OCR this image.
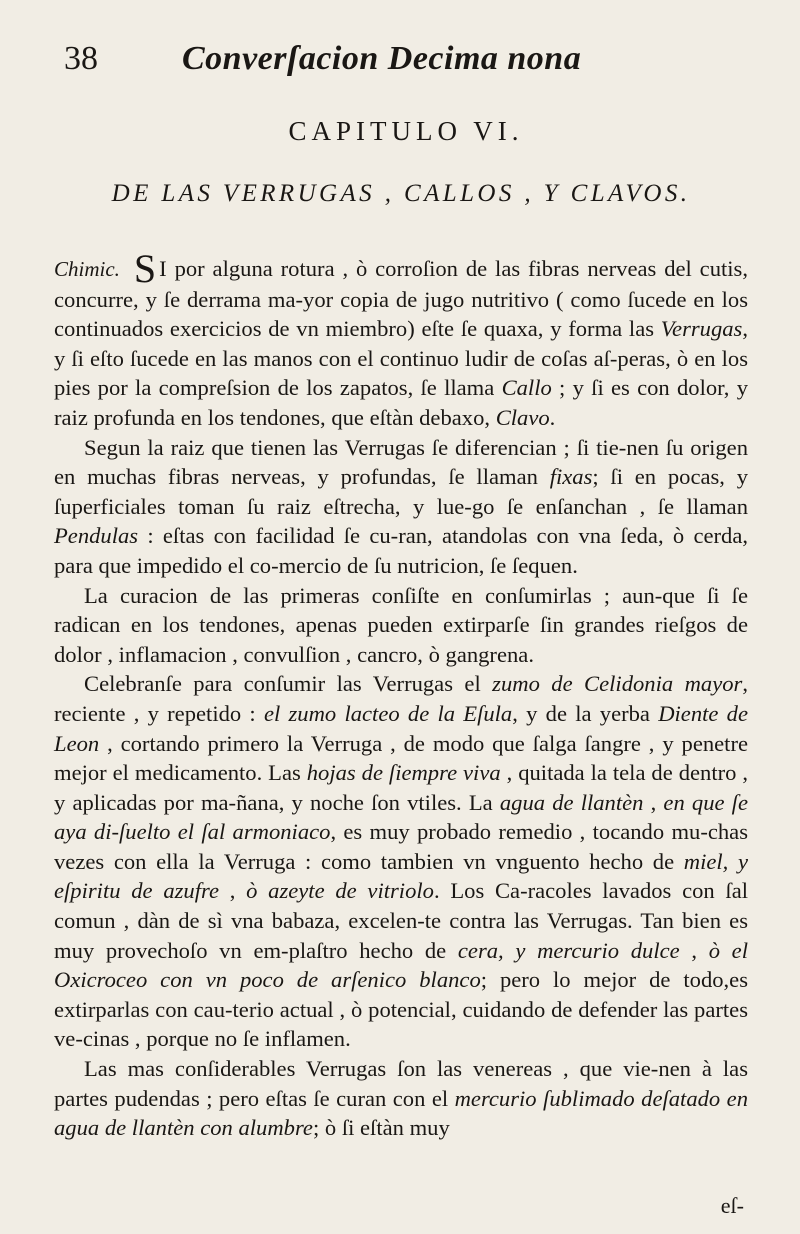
38	Converſacion Decima nona
CAPITULO VI.
DE LAS VERRUGAS , CALLOS , Y CLAVOS.

Chimic. S I por alguna rotura , ò corroſion de las fibras nerveas del cutis, concurre, y ſe derrama ma-yor copia de jugo nutritivo ( como ſucede en los continuados exercicios de vn miembro) eſte ſe quaxa, y forma las Verrugas, y ſi eſto ſucede en las manos con el continuo ludir de coſas aſ-peras, ò en los pies por la compreſsion de los zapatos, ſe llama Callo ; y ſi es con dolor, y raiz profunda en los tendones, que eſtàn debaxo, Clavo.

Segun la raiz que tienen las Verrugas ſe diferencian ; ſi tie-nen ſu origen en muchas fibras nerveas, y profundas, ſe llaman fixas; ſi en pocas, y ſuperficiales toman ſu raiz eſtrecha, y lue-go ſe enſanchan , ſe llaman Pendulas : eſtas con facilidad ſe cu-ran, atandolas con vna ſeda, ò cerda, para que impedido el co-mercio de ſu nutricion, ſe ſequen.

La curacion de las primeras conſiſte en conſumirlas ; aun-que ſi ſe radican en los tendones, apenas pueden extirparſe ſin grandes rieſgos de dolor , inflamacion , convulſion , cancro, ò gangrena.

Celebranſe para conſumir las Verrugas el zumo de Celidonia mayor, reciente , y repetido : el zumo lacteo de la Eſula, y de la yerba Diente de Leon , cortando primero la Verruga , de modo que ſalga ſangre , y penetre mejor el medicamento. Las hojas de ſiempre viva , quitada la tela de dentro , y aplicadas por ma-ñana, y noche ſon vtiles. La agua de llantèn , en que ſe aya di-ſuelto el ſal armoniaco, es muy probado remedio , tocando mu-chas vezes con ella la Verruga : como tambien vn vnguento hecho de miel, y eſpiritu de azufre , ò azeyte de vitriolo. Los Ca-racoles lavados con ſal comun , dàn de sì vna babaza, excelen-te contra las Verrugas. Tan bien es muy provechoſo vn em-plaſtro hecho de cera, y mercurio dulce , ò el Oxicroceo con vn poco de arſenico blanco; pero lo mejor de todo,es extirparlas con cau-terio actual , ò potencial, cuidando de defender las partes ve-cinas , porque no ſe inflamen.

Las mas conſiderables Verrugas ſon las venereas , que vie-nen à las partes pudendas ; pero eſtas ſe curan con el mercurio ſublimado deſatado en agua de llantèn con alumbre; ò ſi eſtàn muy

eſ-
